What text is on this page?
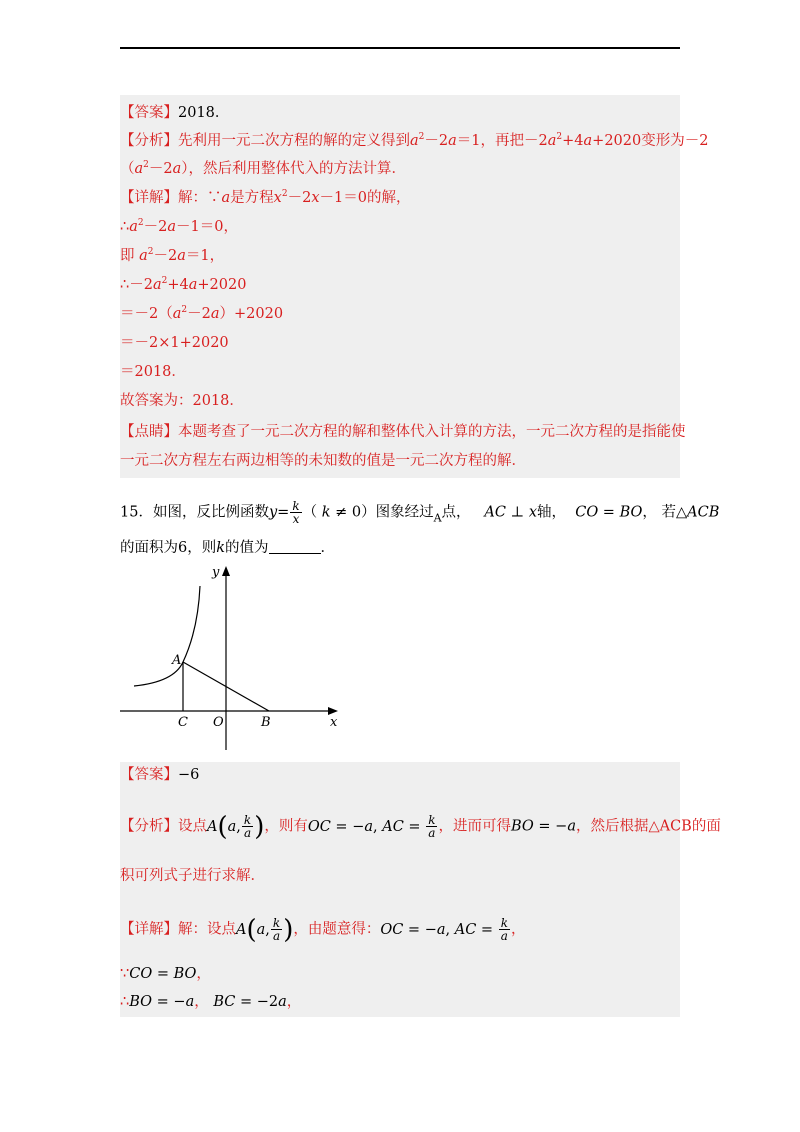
【答案】2018．
【分析】先利用一元二次方程的解的定义得到$a^2-2a=1$，再把$-2a^2+4a+2020$变形为－2
$(a^2-2a)$，然后利用整体代入的方法计算．
【详解】解：∵a是方程$x^2-2x-1=0$的解，
$\therefore a^2-2a-1=0$，
即 $a^2-2a=1$，
$\therefore-2a^2+4a+2020$
$=-2(a^2-2a)+2020$
＝－2×1+2020
＝2018．
故答案为：2018．
【点睛】本题考查了一元二次方程的解和整体代入计算的方法，一元二次方程的是指能使
一元二次方程左右两边相等的未知数的值是一元二次方程的解．
15．如图，反比例函数$y= \frac{k}{x}$ （ k ≠ 0）图象经过$_A$点， AC ⊥ x轴， CO = BO， 若△ACB
的面积为6，则k的值为	．
y
A
C O	B	x
【答案】−6
【分析】设点A(a, $\frac{k}{a}$ )，则有OC = −a, AC = $\frac{k}{a}$ ，进而可得BO = −a，然后根据△ACB的面
积可列式子进行求解．
【详解】解：设点A(a, $\frac{k}{a}$ )，由题意得：OC = −a, AC = $\frac{k}{a}$ ，
∵CO = BO，
∴BO = −a， BC = −2a，
